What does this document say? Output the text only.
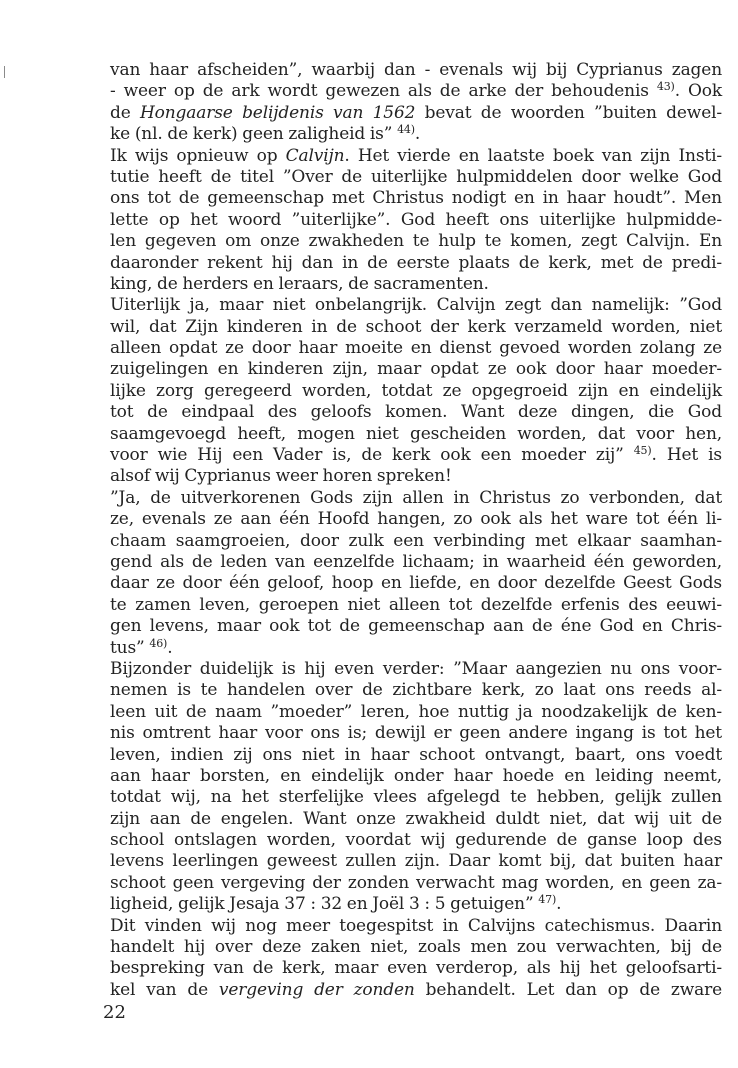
van haar afscheiden”, waarbij dan - evenals wij bij Cyprianus zagen
- weer op de ark wordt gewezen als de arke der behoudenis $^{43)}$. Ook
de Hongaarse belijdenis van 1562 bevat de woorden ”buiten dewel-
ke (nl. de kerk) geen zaligheid is” $^{44)}$.
Ik wijs opnieuw op Calvijn. Het vierde en laatste boek van zijn Insti-
tutie heeft de titel ”Over de uiterlijke hulpmiddelen door welke God
ons tot de gemeenschap met Christus nodigt en in haar houdt”. Men
lette op het woord ”uiterlijke”. God heeft ons uiterlijke hulpmidde-
len gegeven om onze zwakheden te hulp te komen, zegt Calvijn. En
daaronder rekent hij dan in de eerste plaats de kerk, met de predi-
king, de herders en leraars, de sacramenten.
Uiterlijk ja, maar niet onbelangrijk. Calvijn zegt dan namelijk: ”God
wil, dat Zijn kinderen in de schoot der kerk verzameld worden, niet
alleen opdat ze door haar moeite en dienst gevoed worden zolang ze
zuigelingen en kinderen zijn, maar opdat ze ook door haar moeder-
lijke zorg geregeerd worden, totdat ze opgegroeid zijn en eindelijk
tot de eindpaal des geloofs komen. Want deze dingen, die God
saamgevoegd heeft, mogen niet gescheiden worden, dat voor hen,
voor wie Hij een Vader is, de kerk ook een moeder zij” $^{45)}$. Het is
alsof wij Cyprianus weer horen spreken!
”Ja, de uitverkorenen Gods zijn allen in Christus zo verbonden, dat
ze, evenals ze aan één Hoofd hangen, zo ook als het ware tot één li-
chaam saamgroeien, door zulk een verbinding met elkaar saamhan-
gend als de leden van eenzelfde lichaam; in waarheid één geworden,
daar ze door één geloof, hoop en liefde, en door dezelfde Geest Gods
te zamen leven, geroepen niet alleen tot dezelfde erfenis des eeuwi-
gen levens, maar ook tot de gemeenschap aan de éne God en Chris-
tus” $^{46)}$.
Bijzonder duidelijk is hij even verder: ”Maar aangezien nu ons voor-
nemen is te handelen over de zichtbare kerk, zo laat ons reeds al-
leen uit de naam ”moeder” leren, hoe nuttig ja noodzakelijk de ken-
nis omtrent haar voor ons is; dewijl er geen andere ingang is tot het
leven, indien zij ons niet in haar schoot ontvangt, baart, ons voedt
aan haar borsten, en eindelijk onder haar hoede en leiding neemt,
totdat wij, na het sterfelijke vlees afgelegd te hebben, gelijk zullen
zijn aan de engelen. Want onze zwakheid duldt niet, dat wij uit de
school ontslagen worden, voordat wij gedurende de ganse loop des
levens leerlingen geweest zullen zijn. Daar komt bij, dat buiten haar
schoot geen vergeving der zonden verwacht mag worden, en geen za-
ligheid, gelijk Jesaja 37 : 32 en Joël 3 : 5 getuigen” $^{47)}$.
Dit vinden wij nog meer toegespitst in Calvijns catechismus. Daarin
handelt hij over deze zaken niet, zoals men zou verwachten, bij de
bespreking van de kerk, maar even verderop, als hij het geloofsarti-
kel van de vergeving der zonden behandelt. Let dan op de zware
22
